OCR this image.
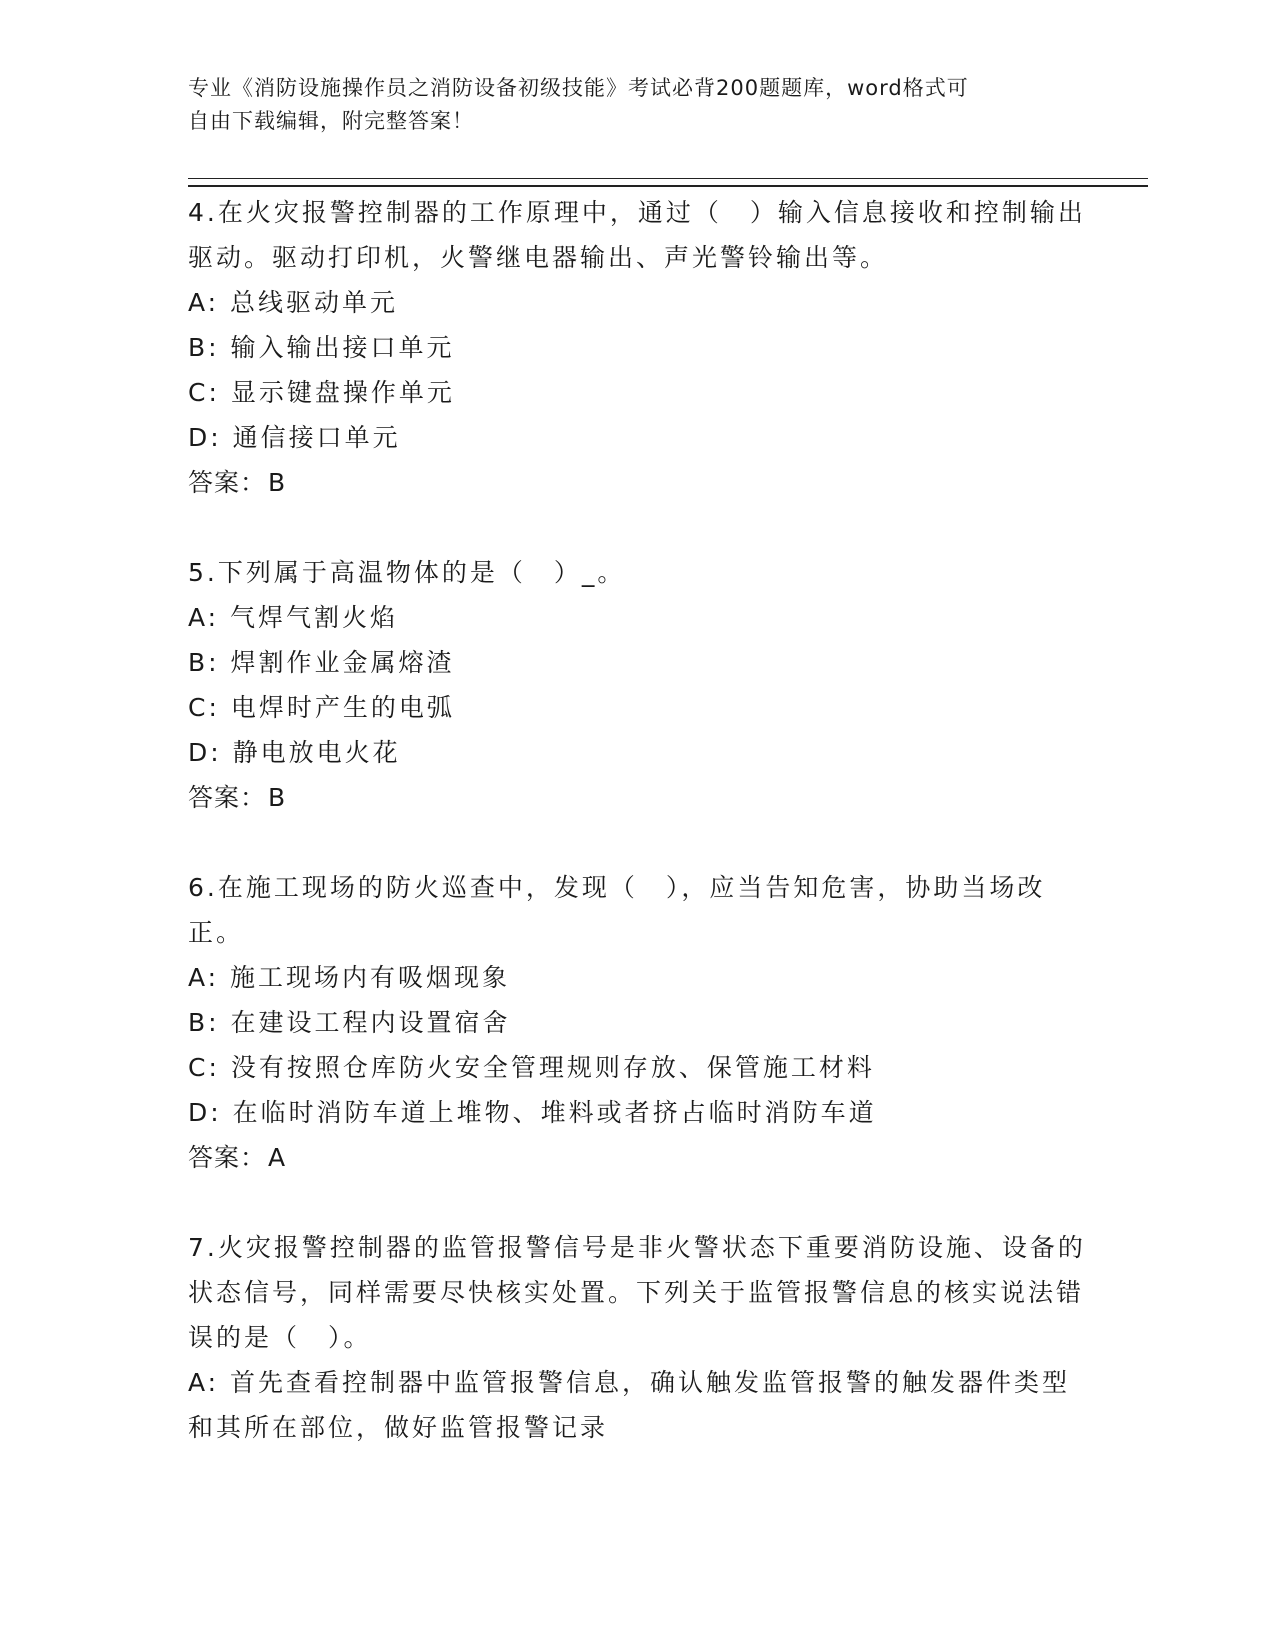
专业《消防设施操作员之消防设备初级技能》考试必背200题题库，word格式可
自由下载编辑，附完整答案！
4.在火灾报警控制器的工作原理中，通过（　）输入信息接收和控制输出驱动。驱动打印机，火警继电器输出、声光警铃输出等。
A: 总线驱动单元
B: 输入输出接口单元
C: 显示键盘操作单元
D: 通信接口单元
答案：B
5.下列属于高温物体的是（　）_。
A: 气焊气割火焰
B: 焊割作业金属熔渣
C: 电焊时产生的电弧
D: 静电放电火花
答案：B
6.在施工现场的防火巡查中，发现（　），应当告知危害，协助当场改正。
A: 施工现场内有吸烟现象
B: 在建设工程内设置宿舍
C: 没有按照仓库防火安全管理规则存放、保管施工材料
D: 在临时消防车道上堆物、堆料或者挤占临时消防车道
答案：A
7.火灾报警控制器的监管报警信号是非火警状态下重要消防设施、设备的状态信号，同样需要尽快核实处置。下列关于监管报警信息的核实说法错误的是（　）。
A: 首先查看控制器中监管报警信息，确认触发监管报警的触发器件类型和其所在部位，做好监管报警记录
